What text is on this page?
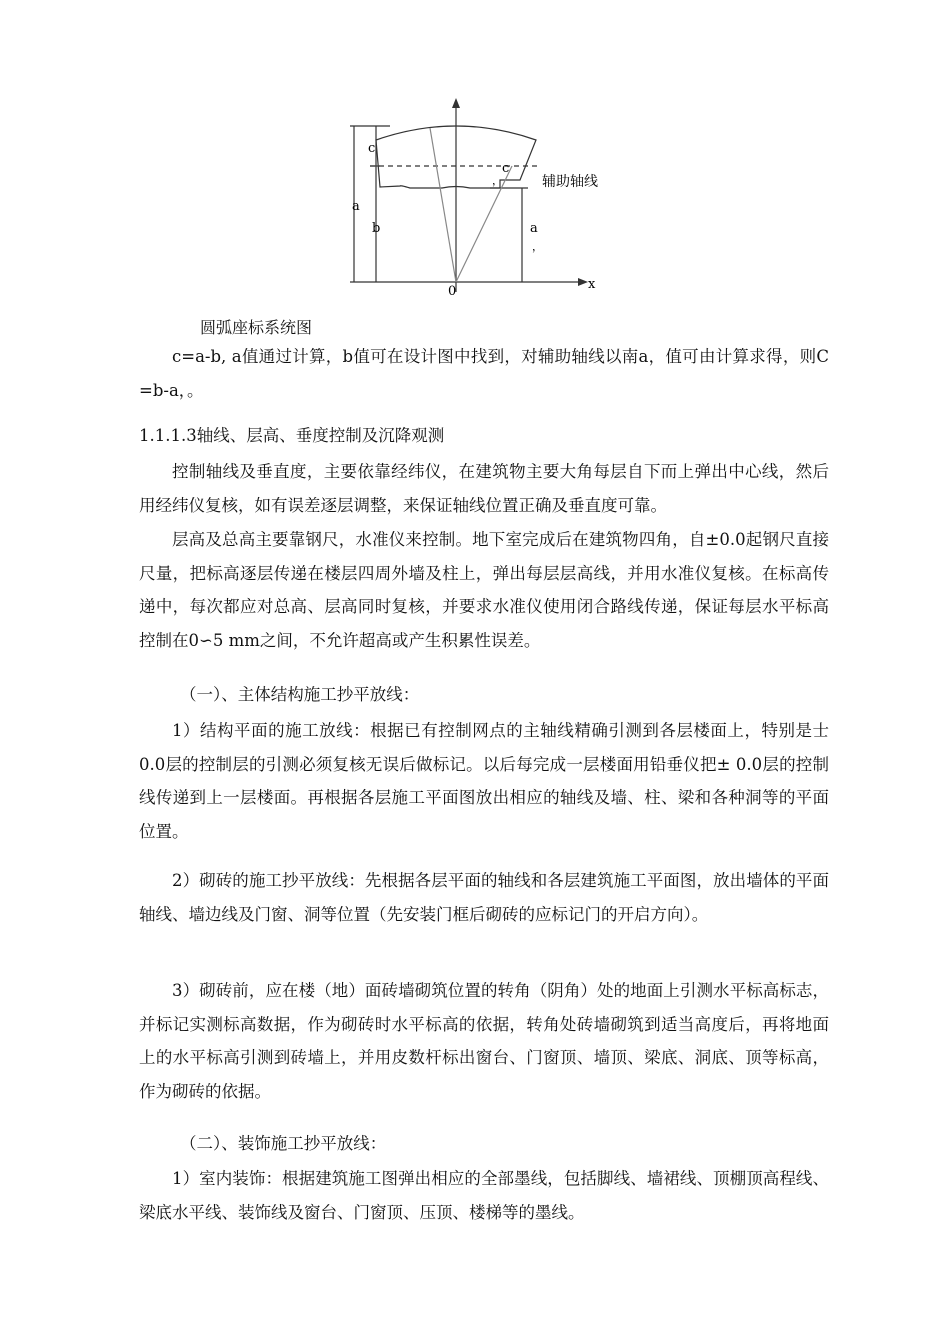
c
c
，
a
b	a
，
0	x
辅助轴线
圆弧座标系统图

c=a-b, a值通过计算，b值可在设计图中找到，对辅助轴线以南a，值可由计算求得，则C =b-a，。

1.1.1.3轴线、层高、垂度控制及沉降观测

控制轴线及垂直度，主要依靠经纬仪，在建筑物主要大角每层自下而上弹出中心线，然后用经纬仪复核，如有误差逐层调整，来保证轴线位置正确及垂直度可靠。

层高及总高主要靠钢尺，水准仪来控制。地下室完成后在建筑物四角，自±0.0起钢尺直接尺量，把标高逐层传递在楼层四周外墙及柱上，弹出每层层高线，并用水准仪复核。在标高传递中，每次都应对总高、层高同时复核，并要求水准仪使用闭合路线传递，保证每层水平标高控制在0∽5 mm之间，不允许超高或产生积累性误差。

（一）、主体结构施工抄平放线：

1）结构平面的施工放线：根据已有控制网点的主轴线精确引测到各层楼面上，特别是士 0.0层的控制层的引测必须复核无误后做标记。以后每完成一层楼面用铅垂仪把± 0.0层的控制线传递到上一层楼面。再根据各层施工平面图放出相应的轴线及墙、柱、梁和各种洞等的平面位置。

2）砌砖的施工抄平放线：先根据各层平面的轴线和各层建筑施工平面图，放出墙体的平面轴线、墙边线及门窗、洞等位置（先安装门框后砌砖的应标记门的开启方向）。

3）砌砖前，应在楼（地）面砖墙砌筑位置的转角（阴角）处的地面上引测水平标高标志，并标记实测标高数据，作为砌砖时水平标高的依据，转角处砖墙砌筑到适当高度后，再将地面上的水平标高引测到砖墙上，并用皮数杆标出窗台、门窗顶、墙顶、梁底、洞底、顶等标高，作为砌砖的依据。

（二）、装饰施工抄平放线：

1）室内装饰：根据建筑施工图弹出相应的全部墨线，包括脚线、墙裙线、顶棚顶高程线、梁底水平线、装饰线及窗台、门窗顶、压顶、楼梯等的墨线。
